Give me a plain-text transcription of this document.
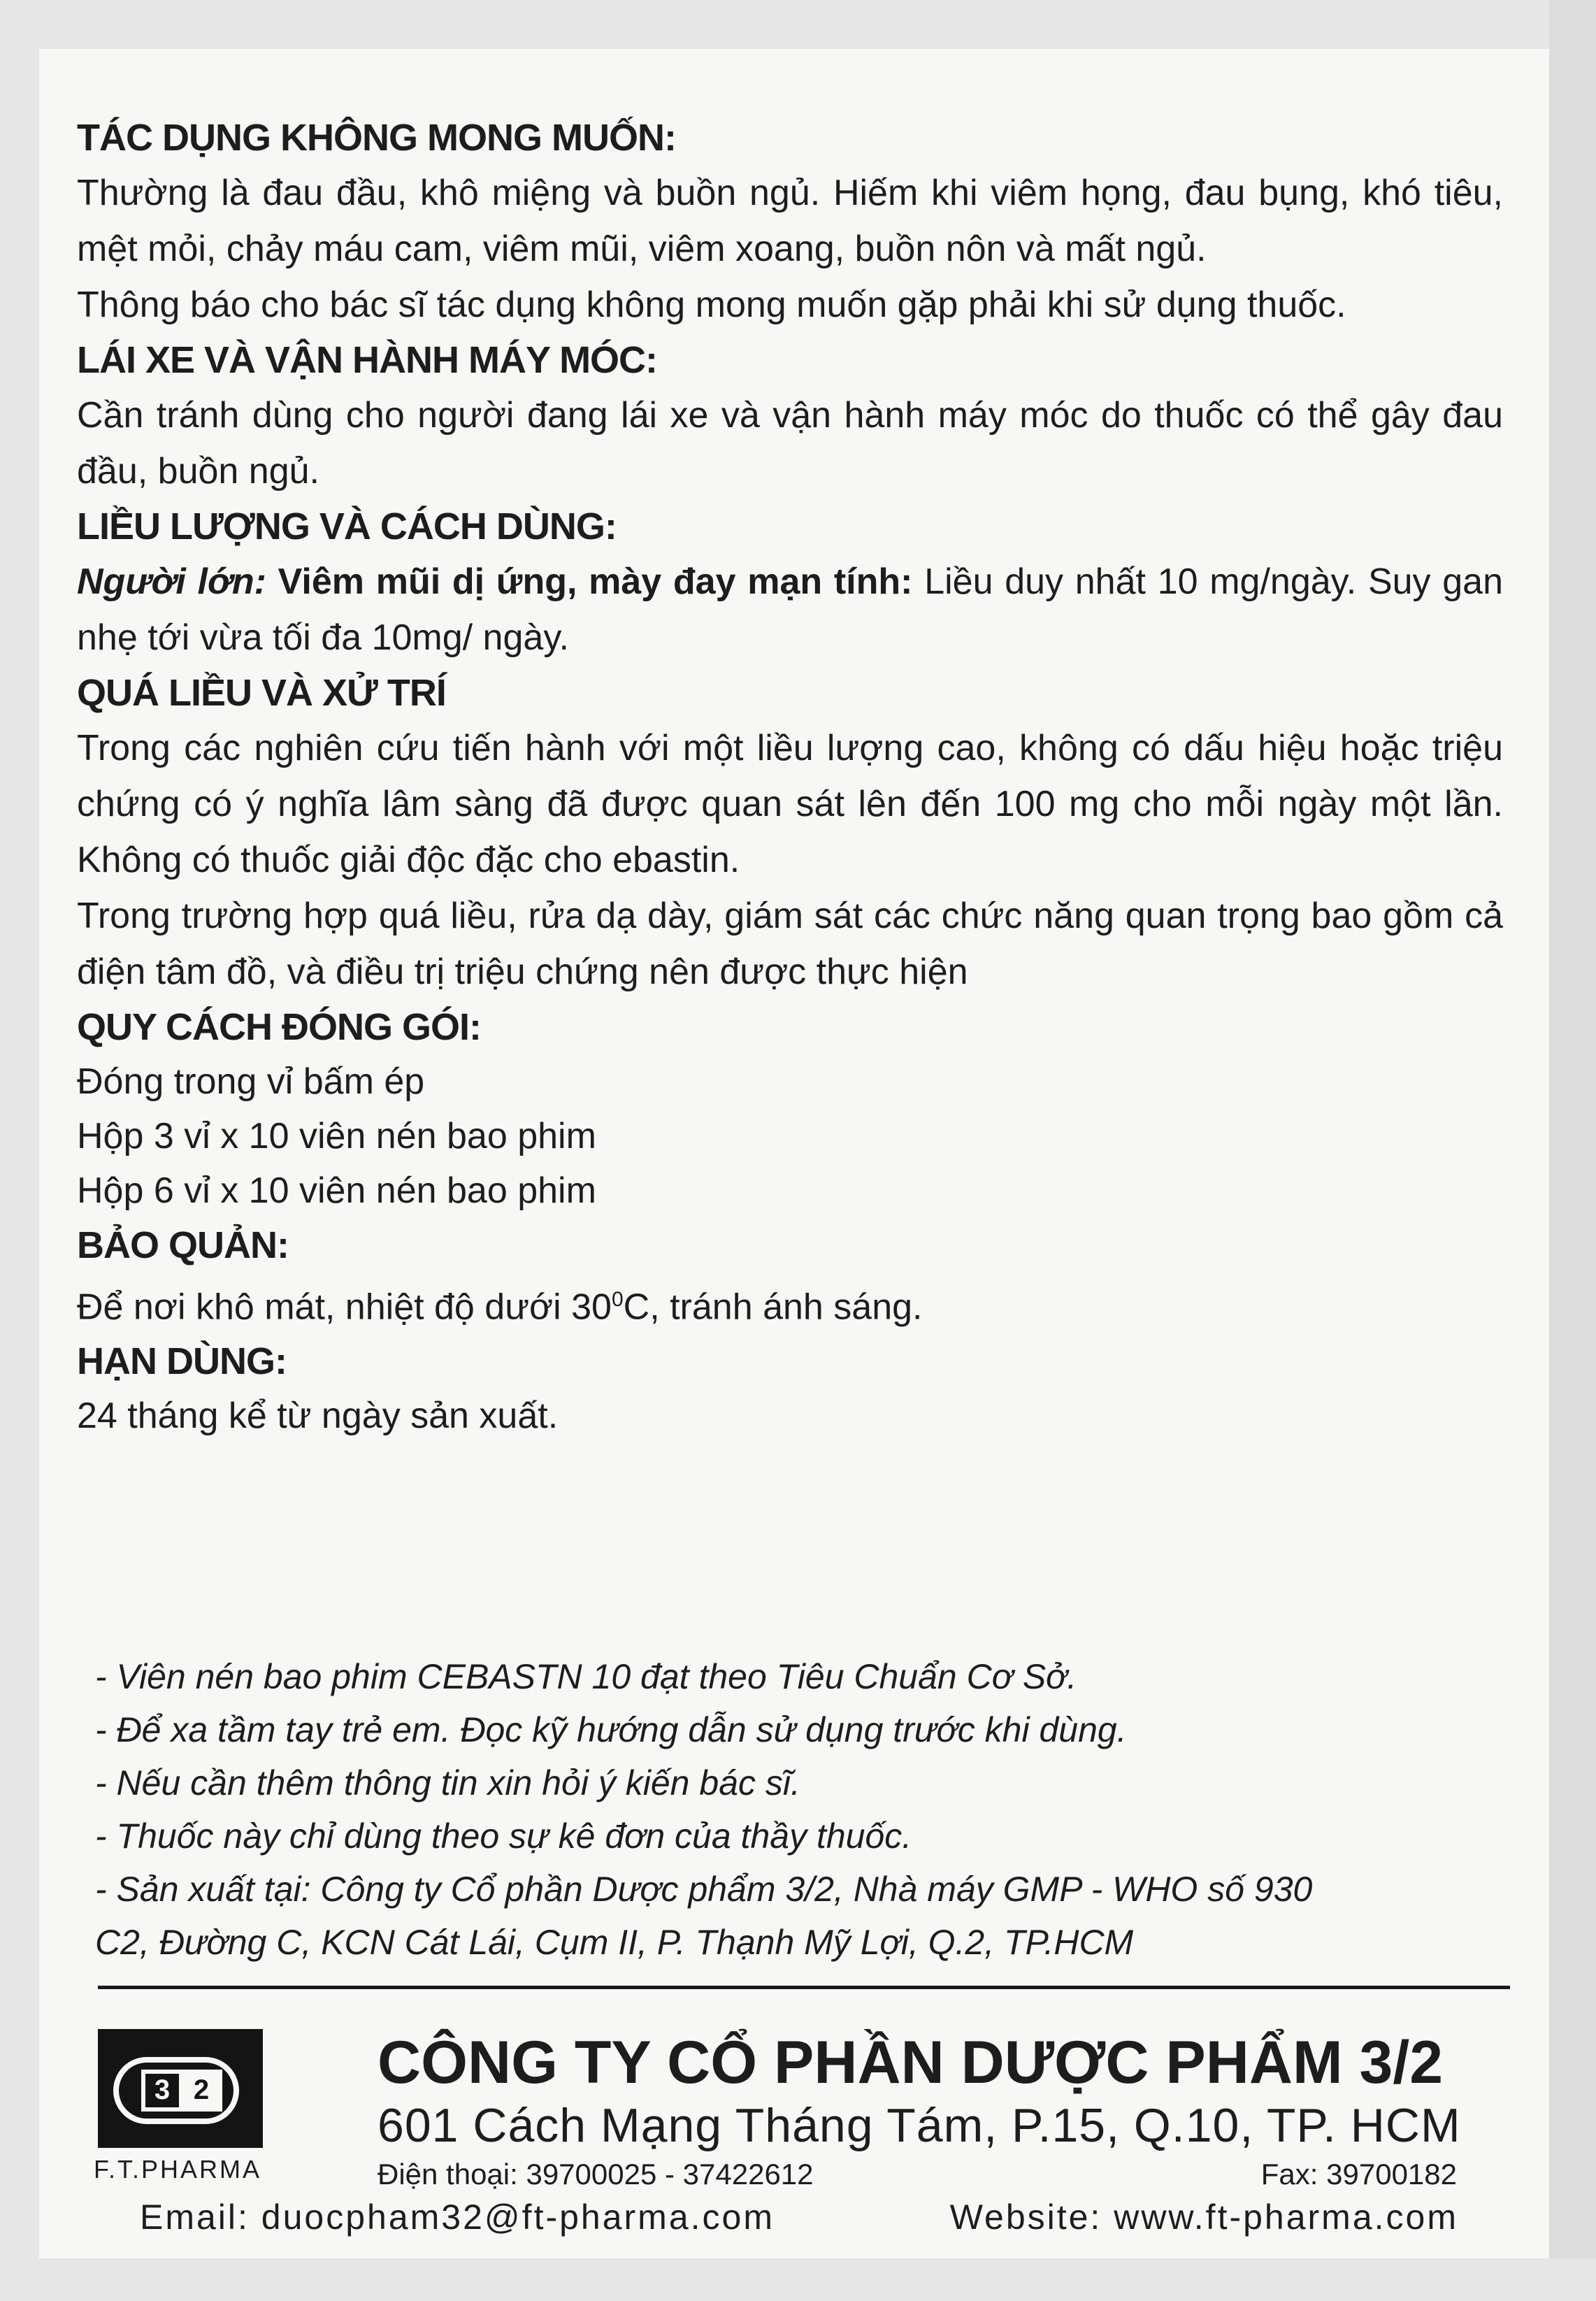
TÁC DỤNG KHÔNG MONG MUỐN:
Thường là đau đầu, khô miệng và buồn ngủ. Hiếm khi viêm họng, đau bụng, khó tiêu, mệt mỏi, chảy máu cam, viêm mũi, viêm xoang, buồn nôn và mất ngủ.
Thông báo cho bác sĩ tác dụng không mong muốn gặp phải khi sử dụng thuốc.
LÁI XE VÀ VẬN HÀNH MÁY MÓC:
Cần tránh dùng cho người đang lái xe và vận hành máy móc do thuốc có thể gây đau đầu, buồn ngủ.
LIỀU LƯỢNG VÀ CÁCH DÙNG:
Người lớn: Viêm mũi dị ứng, mày đay mạn tính: Liều duy nhất 10 mg/ngày. Suy gan nhẹ tới vừa tối đa 10mg/ ngày.
QUÁ LIỀU VÀ XỬ TRÍ
Trong các nghiên cứu tiến hành với một liều lượng cao, không có dấu hiệu hoặc triệu chứng có ý nghĩa lâm sàng đã được quan sát lên đến 100 mg cho mỗi ngày một lần. Không có thuốc giải độc đặc cho ebastin.
Trong trường hợp quá liều, rửa dạ dày, giám sát các chức năng quan trọng bao gồm cả điện tâm đồ, và điều trị triệu chứng nên được thực hiện
QUY CÁCH ĐÓNG GÓI:
Đóng trong vỉ bấm ép
Hộp 3 vỉ x 10 viên nén bao phim
Hộp 6 vỉ x 10 viên nén bao phim
BẢO QUẢN:
Để nơi khô mát, nhiệt độ dưới $30^0C$, tránh ánh sáng.
HẠN DÙNG:
24 tháng kể từ ngày sản xuất.
- Viên nén bao phim CEBASTN 10 đạt theo Tiêu Chuẩn Cơ Sở.
- Để xa tầm tay trẻ em. Đọc kỹ hướng dẫn sử dụng trước khi dùng.
- Nếu cần thêm thông tin xin hỏi ý kiến bác sĩ.
- Thuốc này chỉ dùng theo sự kê đơn của thầy thuốc.
- Sản xuất tại: Công ty Cổ phần Dược phẩm 3/2, Nhà máy GMP - WHO số 930
C2, Đường C, KCN Cát Lái, Cụm II, P. Thạnh Mỹ Lợi, Q.2, TP.HCM
3 2
F.T.PHARMA
CÔNG TY CỔ PHẦN DƯỢC PHẨM 3/2
601 Cách Mạng Tháng Tám, P.15, Q.10, TP. HCM
Điện thoại: 39700025 - 37422612	Fax: 39700182
Email: duocpham32@ft-pharma.com	Website: www.ft-pharma.com
